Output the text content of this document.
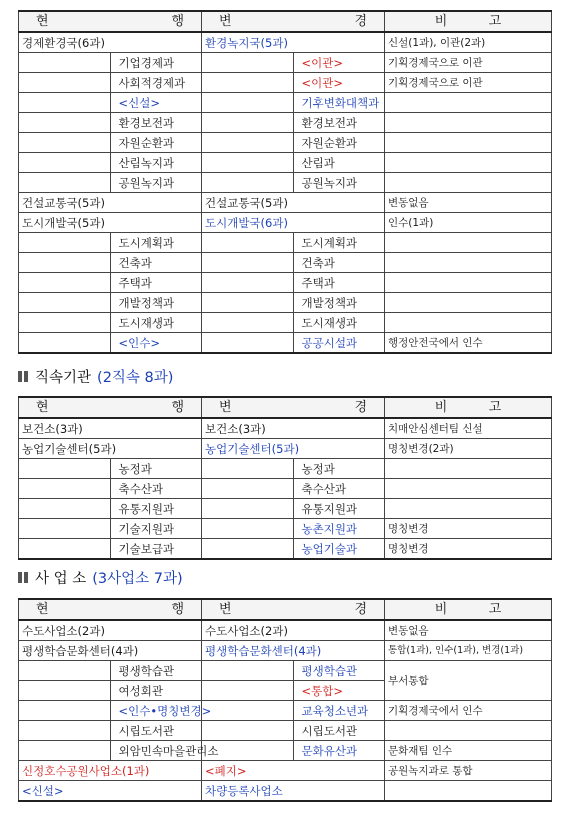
현 행		변 경		비 고

경제환경국(6과)		환경녹지국(5과)		신설(1과), 이관(2과)
	기업경제과		<이관>	기획경제국으로 이관
	사회적경제과		<이관>	기획경제국으로 이관
	<신설>		기후변화대책과	
	환경보전과		환경보전과	
	자원순환과		자원순환과	
	산림녹지과		산림과	
	공원녹지과		공원녹지과	
건설교통국(5과)		건설교통국(5과)		변동없음
도시개발국(5과)		도시개발국(6과)		인수(1과)
	도시계획과		도시계획과	
	건축과		건축과	
	주택과		주택과	
	개발정책과		개발정책과	
	도시재생과		도시재생과	
	<인수>		공공시설과	행정안전국에서 인수
직속기관 (2직속 8과)
현 행		변 경		비 고

보건소(3과)		보건소(3과)		치매안심센터팀 신설
농업기술센터(5과)		농업기술센터(5과)		명칭변경(2과)
	농정과		농정과	
	축수산과		축수산과	
	유통지원과		유통지원과	
	기술지원과		농촌지원과	명칭변경
	기술보급과		농업기술과	명칭변경
사 업 소 (3사업소 7과)
현 행		변 경		비 고

수도사업소(2과)		수도사업소(2과)		변동없음
평생학습문화센터(4과)		평생학습문화센터(4과)		통합(1과), 인수(1과), 변경(1과)
	평생학습관		평생학습관	부서통합
	여성회관		<통합>	
	<인수•명칭변경>		교육청소년과	기획경제국에서 인수
	시립도서관		시립도서관	
	외암민속마을관리소		문화유산과	문화재팀 인수
신정호수공원사업소(1과)		<폐지>		공원녹지과로 통합
<신설>		차량등록사업소		
